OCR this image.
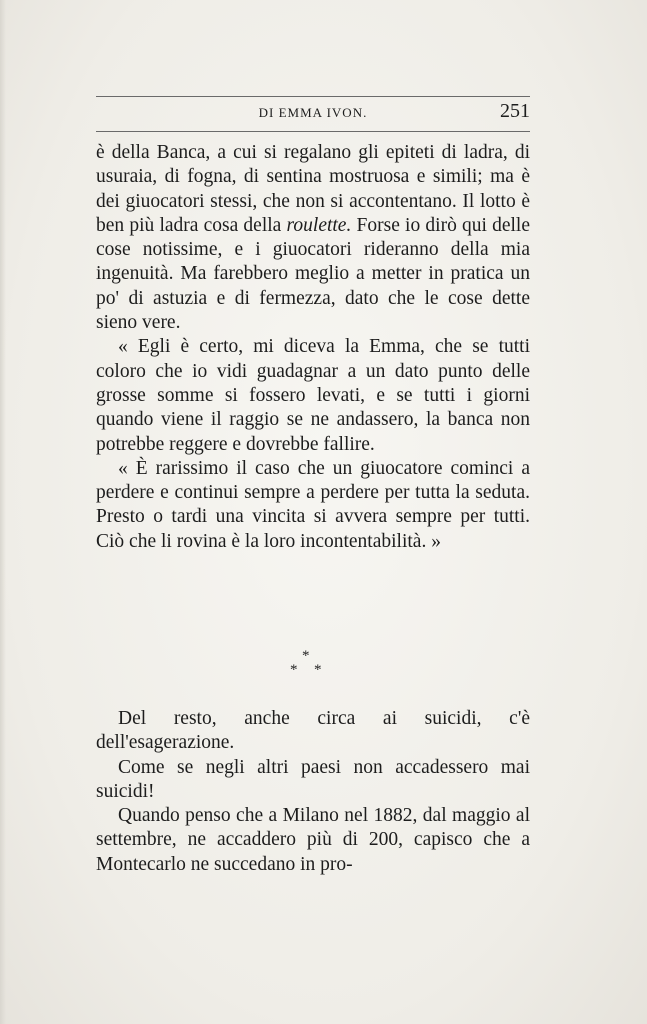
DI EMMA IVON.	251

è della Banca, a cui si regalano gli epiteti di ladra, di usuraia, di fogna, di sentina mostruosa e simili; ma è dei giuocatori stessi, che non si accontentano. Il lotto è ben più ladra cosa della roulette. Forse io dirò qui delle cose notissime, e i giuocatori rideranno della mia ingenuità. Ma farebbero meglio a metter in pratica un po' di astuzia e di fermezza, dato che le cose dette sieno vere.

« Egli è certo, mi diceva la Emma, che se tutti coloro che io vidi guadagnar a un dato punto delle grosse somme si fossero levati, e se tutti i giorni quando viene il raggio se ne andassero, la banca non potrebbe reggere e dovrebbe fallire.

« È rarissimo il caso che un giuocatore cominci a perdere e continui sempre a perdere per tutta la seduta. Presto o tardi una vincita si avvera sempre per tutti. Ciò che li rovina è la loro incontentabilità. »

*
* *

Del resto, anche circa ai suicidi, c'è dell'esagerazione.

Come se negli altri paesi non accadessero mai suicidi!

Quando penso che a Milano nel 1882, dal maggio al settembre, ne accaddero più di 200, capisco che a Montecarlo ne succedano in pro-
